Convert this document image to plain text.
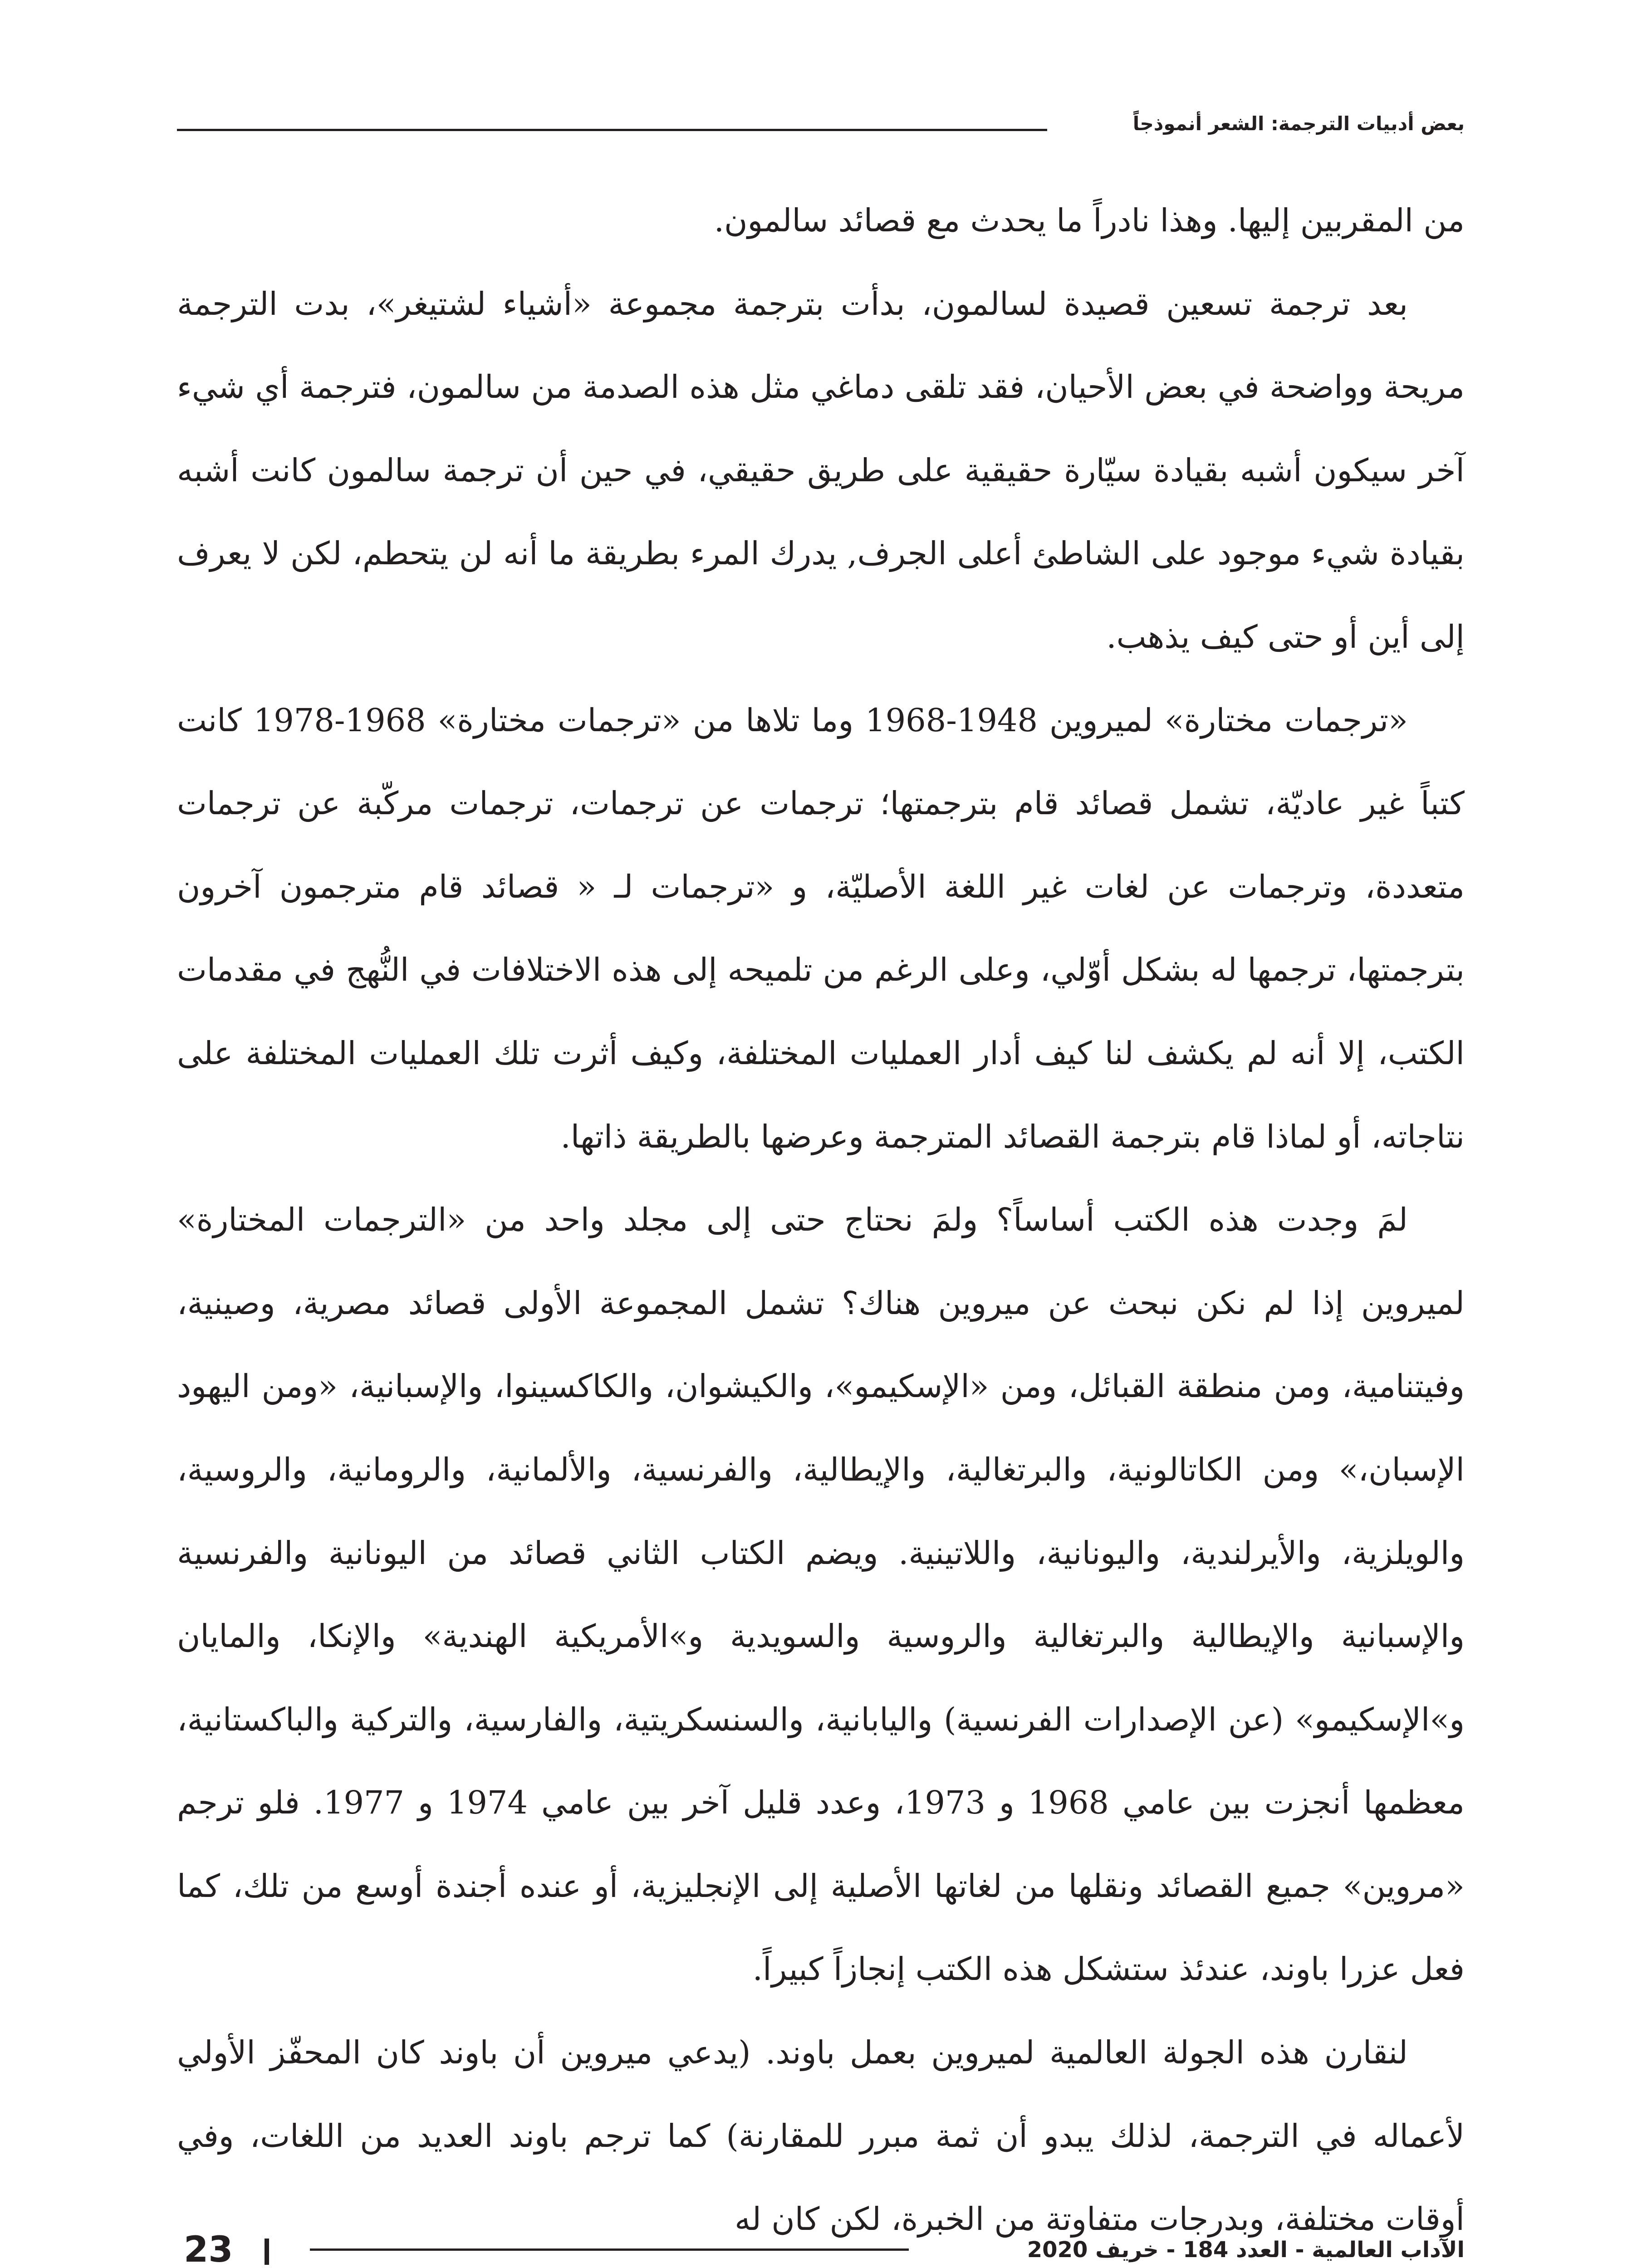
بعض أدبيات الترجمة: الشعر أنموذجاً

من المقربين إليها. وهذا نادراً ما يحدث مع قصائد سالمون.

بعد ترجمة تسعين قصيدة لسالمون، بدأت بترجمة مجموعة «أشياء لشتيغر»، بدت الترجمة مريحة وواضحة في بعض الأحيان، فقد تلقى دماغي مثل هذه الصدمة من سالمون، فترجمة أي شيء آخر سيكون أشبه بقيادة سيّارة حقيقية على طريق حقيقي، في حين أن ترجمة سالمون كانت أشبه بقيادة شيء موجود على الشاطئ أعلى الجرف, يدرك المرء بطريقة ما أنه لن يتحطم، لكن لا يعرف إلى أين أو حتى كيف يذهب.

«ترجمات مختارة» لميروين 1948-1968 وما تلاها من «ترجمات مختارة» 1968-1978 كانت كتباً غير عاديّة، تشمل قصائد قام بترجمتها؛ ترجمات عن ترجمات، ترجمات مركّبة عن ترجمات متعددة، وترجمات عن لغات غير اللغة الأصليّة، و «ترجمات لـ « قصائد قام مترجمون آخرون بترجمتها، ترجمها له بشكل أوّلي، وعلى الرغم من تلميحه إلى هذه الاختلافات في النُّهج في مقدمات الكتب، إلا أنه لم يكشف لنا كيف أدار العمليات المختلفة، وكيف أثرت تلك العمليات المختلفة على نتاجاته، أو لماذا قام بترجمة القصائد المترجمة وعرضها بالطريقة ذاتها.

لمَ وجدت هذه الكتب أساساً؟ ولمَ نحتاج حتى إلى مجلد واحد من «الترجمات المختارة» لميروين إذا لم نكن نبحث عن ميروين هناك؟ تشمل المجموعة الأولى قصائد مصرية، وصينية، وفيتنامية، ومن منطقة القبائل، ومن «الإسكيمو»، والكيشوان، والكاكسينوا، والإسبانية، «ومن اليهود الإسبان،» ومن الكاتالونية، والبرتغالية، والإيطالية، والفرنسية، والألمانية، والرومانية، والروسية، والويلزية، والأيرلندية، واليونانية، واللاتينية. ويضم الكتاب الثاني قصائد من اليونانية والفرنسية والإسبانية والإيطالية والبرتغالية والروسية والسويدية و»الأمريكية الهندية» والإنكا، والمايان و»الإسكيمو» (عن الإصدارات الفرنسية) واليابانية، والسنسكريتية، والفارسية، والتركية والباكستانية، معظمها أنجزت بين عامي 1968 و 1973، وعدد قليل آخر بين عامي 1974 و 1977. فلو ترجم «مروين» جميع القصائد ونقلها من لغاتها الأصلية إلى الإنجليزية، أو عنده أجندة أوسع من تلك، كما فعل عزرا باوند، عندئذ ستشكل هذه الكتب إنجازاً كبيراً.

لنقارن هذه الجولة العالمية لميروين بعمل باوند. (يدعي ميروين أن باوند كان المحفّز الأولي لأعماله في الترجمة، لذلك يبدو أن ثمة مبرر للمقارنة) كما ترجم باوند العديد من اللغات، وفي أوقات مختلفة، وبدرجات متفاوتة من الخبرة، لكن كان له

23	الآداب العالمية - العدد 184 - خريف 2020
